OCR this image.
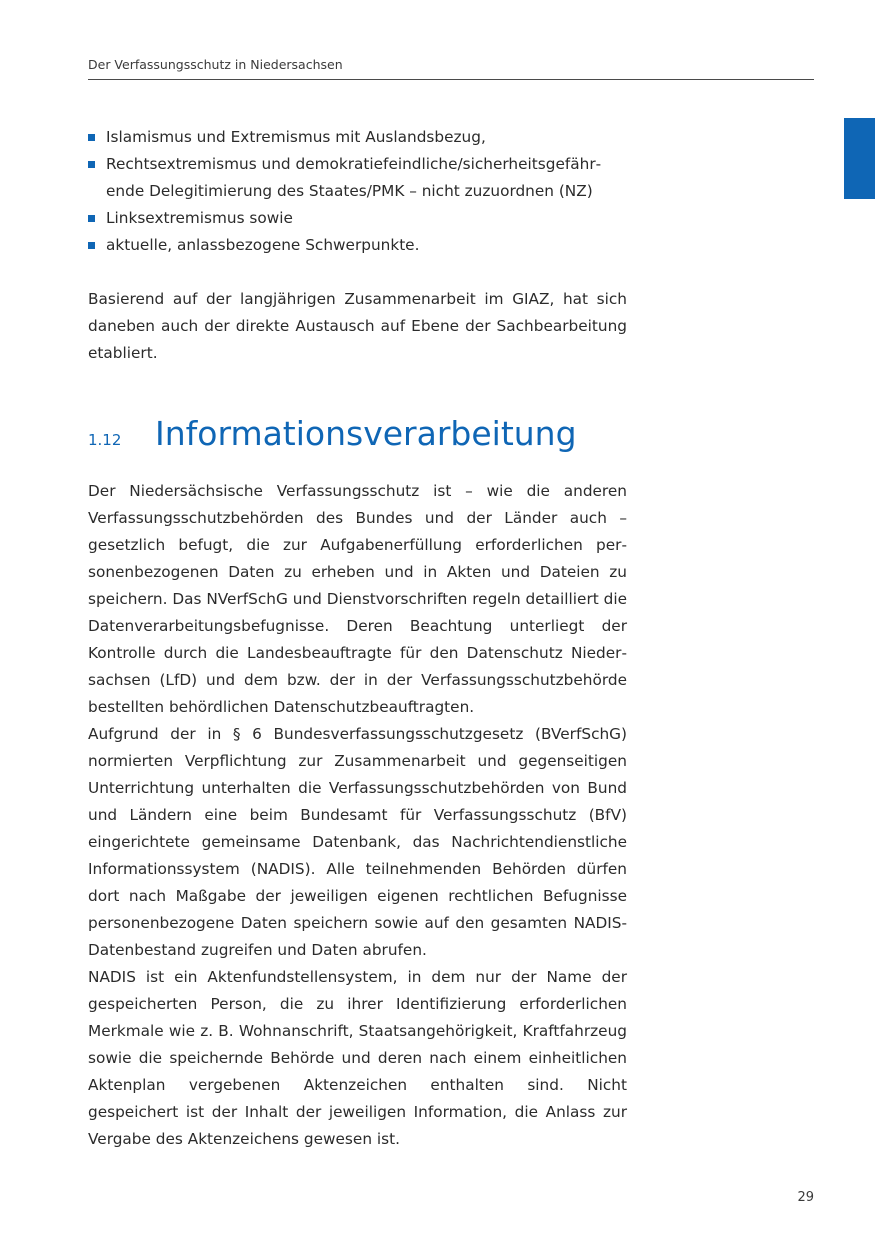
Der Verfassungsschutz in Niedersachsen
Islamismus und Extremismus mit Auslandsbezug,
Rechtsextremismus und demokratiefeindliche/sicherheitsgefährende Delegitimierung des Staates/PMK – nicht zuzuordnen (NZ)
Linksextremismus sowie
aktuelle, anlassbezogene Schwerpunkte.

Basierend auf der langjährigen Zusammenarbeit im GIAZ, hat sich daneben auch der direkte Austausch auf Ebene der Sachbearbeitung etabliert.

1.12	Informationsverarbeitung

Der Niedersächsische Verfassungsschutz ist – wie die anderen Verfassungsschutzbehörden des Bundes und der Länder auch – gesetzlich befugt, die zur Aufgabenerfüllung erforderlichen personenbezogenen Daten zu erheben und in Akten und Dateien zu speichern. Das NVerfSchG und Dienstvorschriften regeln detailliert die Datenverarbeitungsbefugnisse. Deren Beachtung unterliegt der Kontrolle durch die Landesbeauftragte für den Datenschutz Niedersachsen (LfD) und dem bzw. der in der Verfassungsschutzbehörde bestellten behördlichen Datenschutzbeauftragten.

Aufgrund der in § 6 Bundesverfassungsschutzgesetz (BVerfSchG) normierten Verpflichtung zur Zusammenarbeit und gegenseitigen Unterrichtung unterhalten die Verfassungsschutzbehörden von Bund und Ländern eine beim Bundesamt für Verfassungsschutz (BfV) eingerichtete gemeinsame Datenbank, das Nachrichtendienstliche Informationssystem (NADIS). Alle teilnehmenden Behörden dürfen dort nach Maßgabe der jeweiligen eigenen rechtlichen Befugnisse personenbezogene Daten speichern sowie auf den gesamten NADIS-Datenbestand zugreifen und Daten abrufen.

NADIS ist ein Aktenfundstellensystem, in dem nur der Name der gespeicherten Person, die zu ihrer Identifizierung erforderlichen Merkmale wie z. B. Wohnanschrift, Staatsangehörigkeit, Kraftfahrzeug sowie die speichernde Behörde und deren nach einem einheitlichen Aktenplan vergebenen Aktenzeichen enthalten sind. Nicht gespeichert ist der Inhalt der jeweiligen Information, die Anlass zur Vergabe des Aktenzeichens gewesen ist.

29
